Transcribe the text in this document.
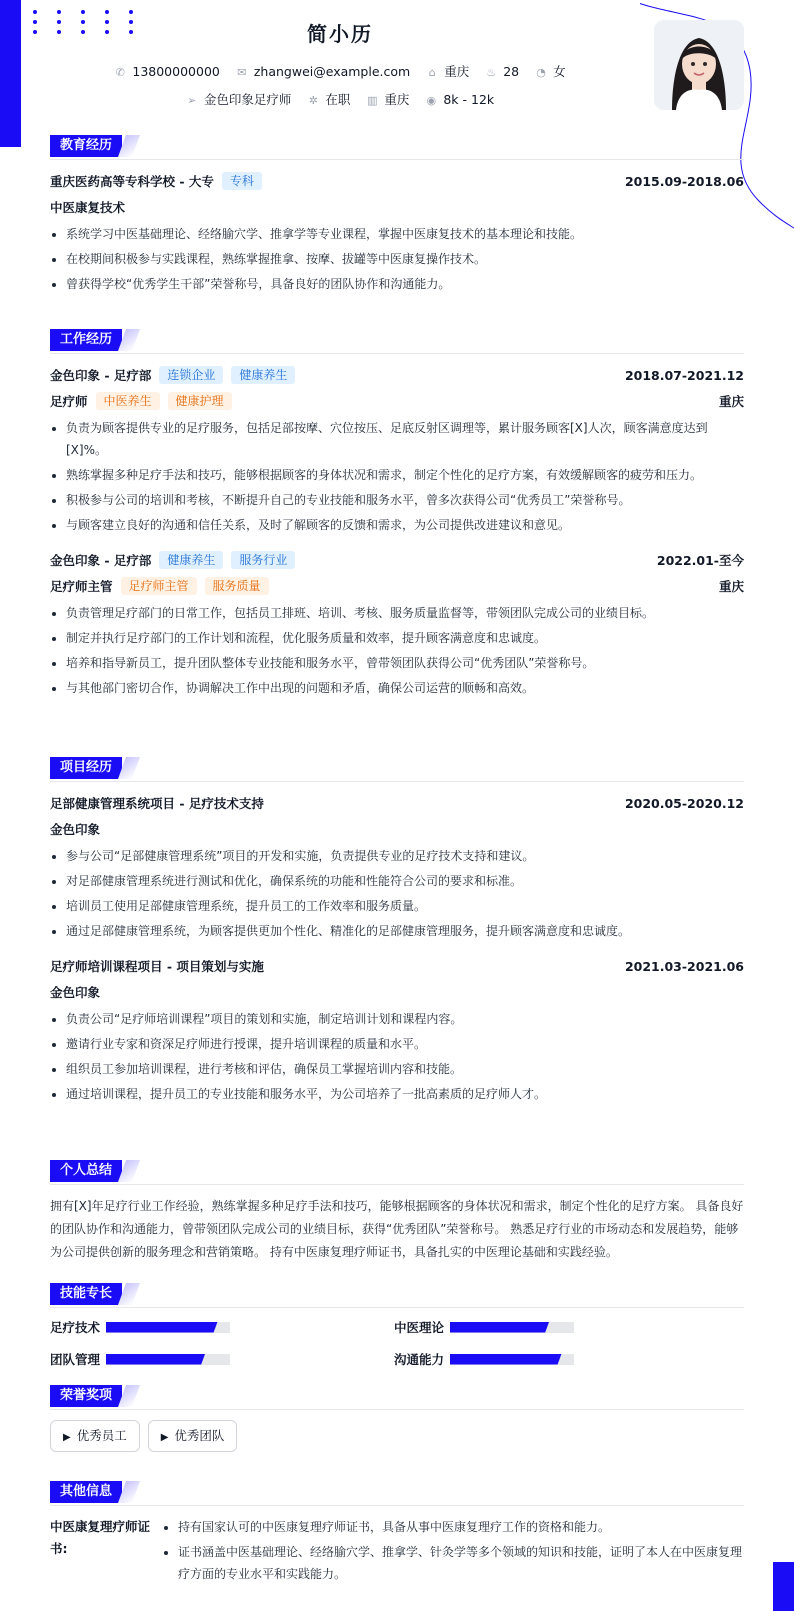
简小历
✆ 13800000000 ✉ zhangwei@example.com ⌂ 重庆 ♨ 28 ◔ 女
➢ 金色印象足疗师 ✲ 在职 ▥ 重庆 ◉ 8k - 12k
教育经历
重庆医药高等专科学校 - 大专	专科	2015.09-2018.06
中医康复技术
• 系统学习中医基础理论、经络腧穴学、推拿学等专业课程，掌握中医康复技术的基本理论和技能。
• 在校期间积极参与实践课程，熟练掌握推拿、按摩、拔罐等中医康复操作技术。
• 曾获得学校“优秀学生干部”荣誉称号，具备良好的团队协作和沟通能力。
工作经历
金色印象 - 足疗部	连锁企业	健康养生	2018.07-2021.12
足疗师	中医养生	健康护理	重庆
• 负责为顾客提供专业的足疗服务，包括足部按摩、穴位按压、足底反射区调理等，累计服务顾客[X]人次，顾客满意度达到[X]%。
• 熟练掌握多种足疗手法和技巧，能够根据顾客的身体状况和需求，制定个性化的足疗方案，有效缓解顾客的疲劳和压力。
• 积极参与公司的培训和考核，不断提升自己的专业技能和服务水平，曾多次获得公司“优秀员工”荣誉称号。
• 与顾客建立良好的沟通和信任关系，及时了解顾客的反馈和需求，为公司提供改进建议和意见。
金色印象 - 足疗部	健康养生	服务行业	2022.01-至今
足疗师主管	足疗师主管	服务质量	重庆
• 负责管理足疗部门的日常工作，包括员工排班、培训、考核、服务质量监督等，带领团队完成公司的业绩目标。
• 制定并执行足疗部门的工作计划和流程，优化服务质量和效率，提升顾客满意度和忠诚度。
• 培养和指导新员工，提升团队整体专业技能和服务水平，曾带领团队获得公司“优秀团队”荣誉称号。
• 与其他部门密切合作，协调解决工作中出现的问题和矛盾，确保公司运营的顺畅和高效。
项目经历
足部健康管理系统项目 - 足疗技术支持	2020.05-2020.12
金色印象
• 参与公司“足部健康管理系统”项目的开发和实施，负责提供专业的足疗技术支持和建议。
• 对足部健康管理系统进行测试和优化，确保系统的功能和性能符合公司的要求和标准。
• 培训员工使用足部健康管理系统，提升员工的工作效率和服务质量。
• 通过足部健康管理系统，为顾客提供更加个性化、精准化的足部健康管理服务，提升顾客满意度和忠诚度。
足疗师培训课程项目 - 项目策划与实施	2021.03-2021.06
金色印象
• 负责公司“足疗师培训课程”项目的策划和实施，制定培训计划和课程内容。
• 邀请行业专家和资深足疗师进行授课，提升培训课程的质量和水平。
• 组织员工参加培训课程，进行考核和评估，确保员工掌握培训内容和技能。
• 通过培训课程，提升员工的专业技能和服务水平，为公司培养了一批高素质的足疗师人才。
个人总结
拥有[X]年足疗行业工作经验，熟练掌握多种足疗手法和技巧，能够根据顾客的身体状况和需求，制定个性化的足疗方案。 具备良好的团队协作和沟通能力，曾带领团队完成公司的业绩目标，获得“优秀团队”荣誉称号。 熟悉足疗行业的市场动态和发展趋势，能够为公司提供创新的服务理念和营销策略。 持有中医康复理疗师证书，具备扎实的中医理论基础和实践经验。
技能专长
足疗技术	中医理论
团队管理	沟通能力
荣誉奖项
▶ 优秀员工	▶ 优秀团队
其他信息
中医康复理疗师证书:
• 持有国家认可的中医康复理疗师证书，具备从事中医康复理疗工作的资格和能力。
• 证书涵盖中医基础理论、经络腧穴学、推拿学、针灸学等多个领域的知识和技能，证明了本人在中医康复理疗方面的专业水平和实践能力。
